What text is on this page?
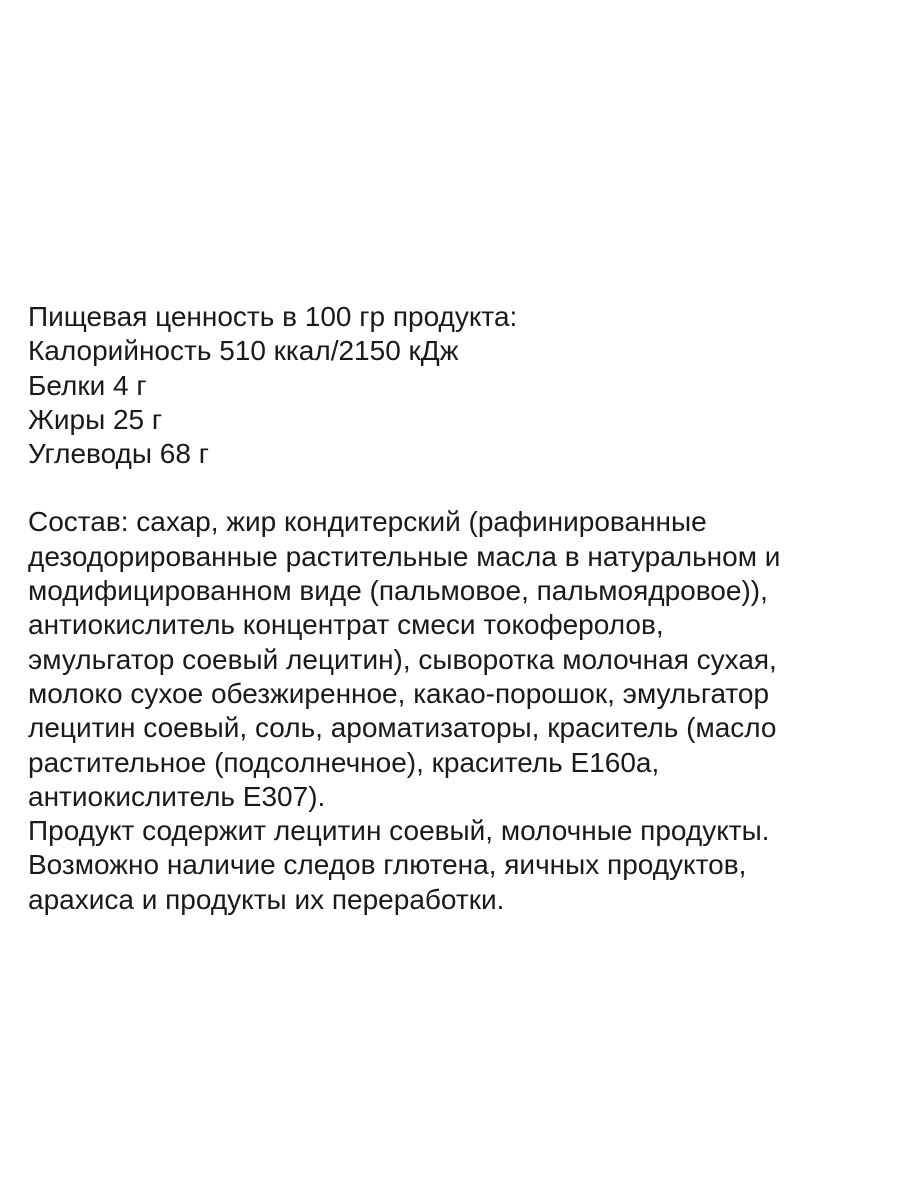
Пищевая ценность в 100 гр продукта:

Калорийность 510 ккал/2150 кДж

Белки 4 г

Жиры 25 г

Углеводы 68 г

Состав: сахар, жир кондитерский (рафинированные

дезодорированные растительные масла в натуральном и

модифицированном виде (пальмовое, пальмоядровое)),

антиокислитель концентрат смеси токоферолов,

эмульгатор соевый лецитин), сыворотка молочная сухая,

молоко сухое обезжиренное, какао-порошок, эмульгатор

лецитин соевый, соль, ароматизаторы, краситель (масло

растительное (подсолнечное), краситель Е160а,

антиокислитель Е307).

Продукт содержит лецитин соевый, молочные продукты.

Возможно наличие следов глютена, яичных продуктов,

арахиса и продукты их переработки.
